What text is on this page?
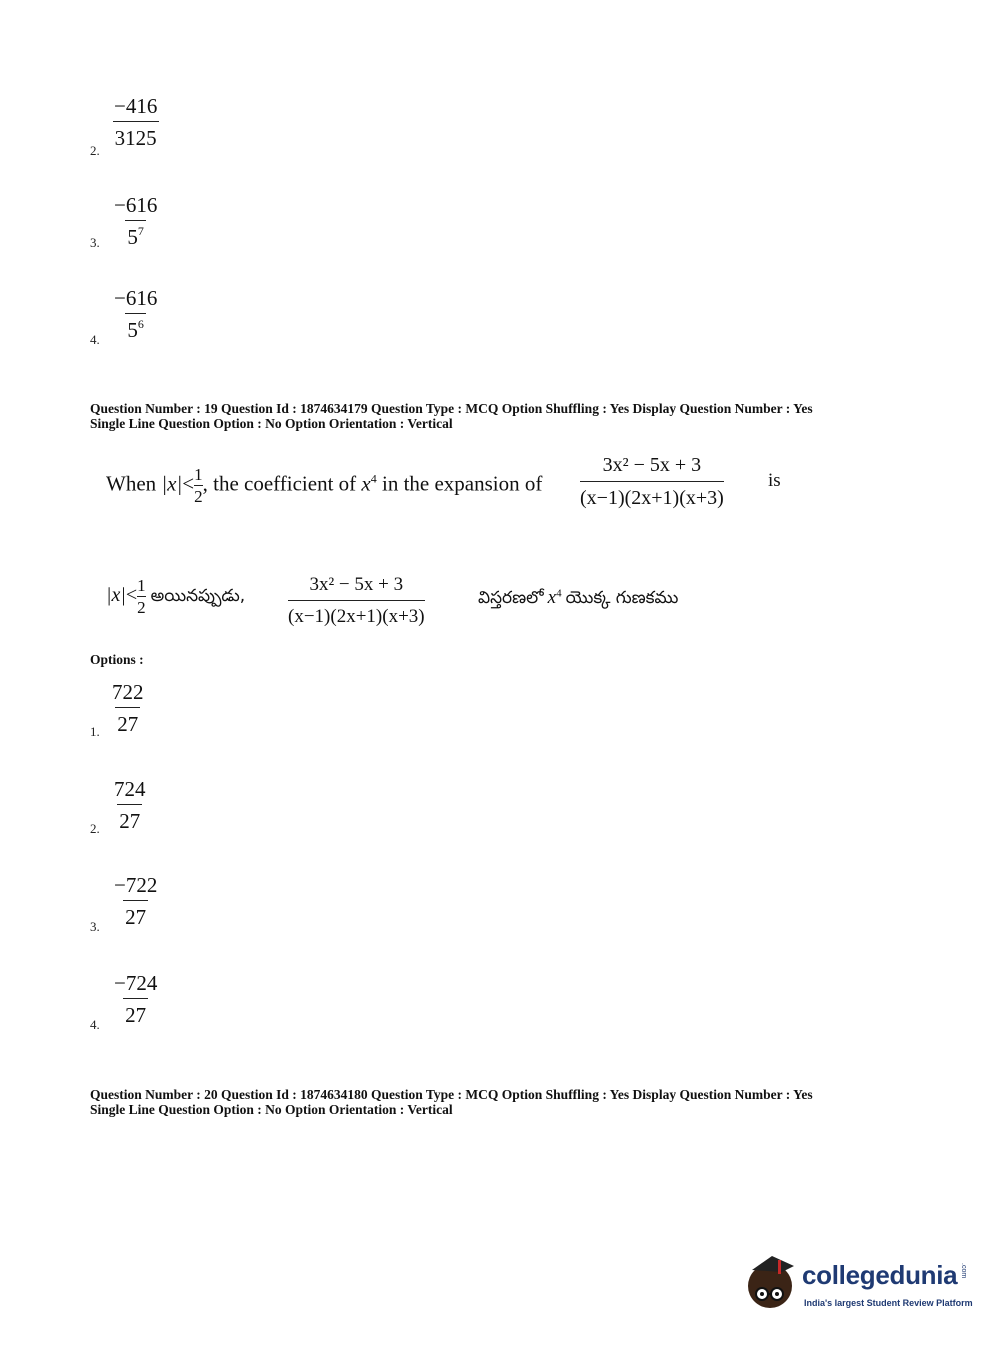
2.
$\frac{-416}{3125}$
3. $\frac{-616}{5^7}$
4. $\frac{-616}{5^6}$
Question Number : 19 Question Id : 1874634179 Question Type : MCQ Option Shuffling : Yes Display Question Number : Yes
Single Line Question Option : No Option Orientation : Vertical
When $|x|< \frac{1}{2}$ , the coefficient of $x^4$ in the expansion of $\frac{\text{3x² − 5x + 3}}{(x-1)(2x+1)(x+3)}$ is
$|x|< \frac{1}{2}$ అయినప్పుడు, $\frac{\text{3x² − 5x + 3}}{(x-1)(2x+1)(x+3)}$	విస్తరణలో $x^4$ యొక్క గుణకము
Options :
1. $\frac{722}{27}$
2. $\frac{724}{27}$
3. $\frac{-722}{27}$
4. $\frac{-724}{27}$
Question Number : 20 Question Id : 1874634180 Question Type : MCQ Option Shuffling : Yes Display Question Number : Yes
Single Line Question Option : No Option Orientation : Vertical
collegedunia .com
India's largest Student Review Platform
